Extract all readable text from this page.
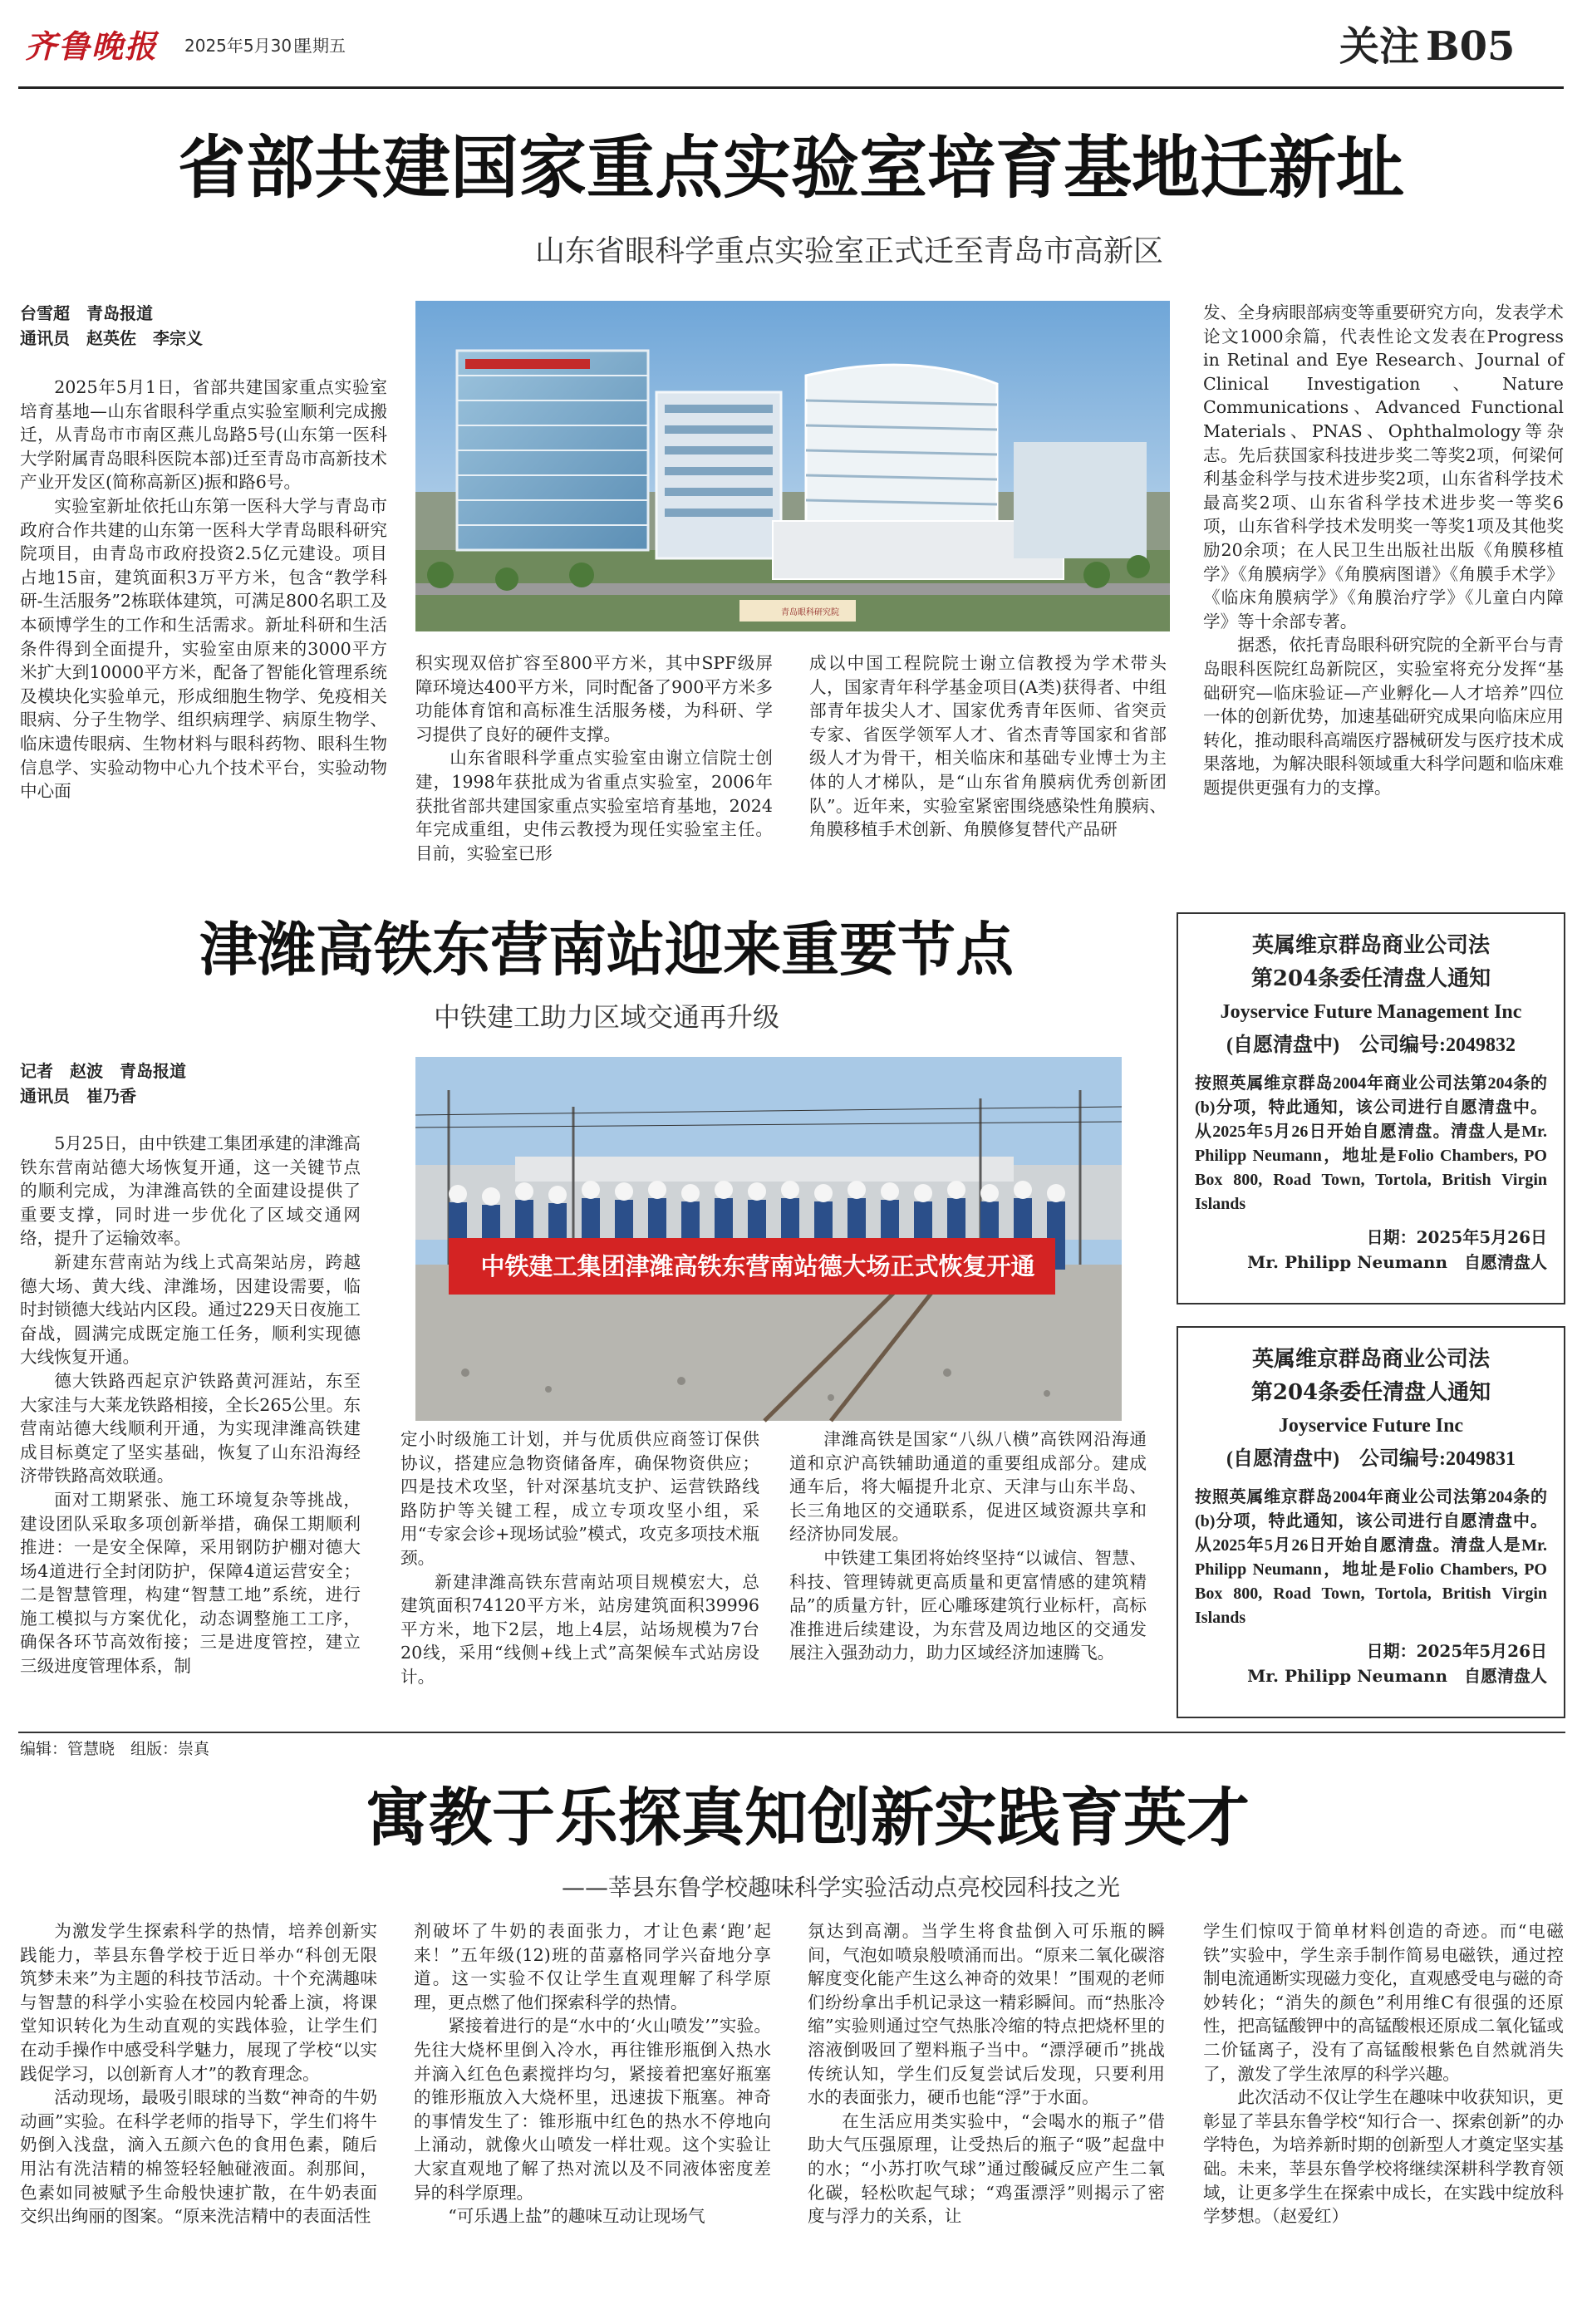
齐鲁晚报	2025年5月30日
星期五	关注 B05
省部共建国家重点实验室培育基地迁新址
山东省眼科学重点实验室正式迁至青岛市高新区
台雪超　青岛报道
通讯员　赵英佐　李宗义

2025年5月1日，省部共建国家重点实验室培育基地—山东省眼科学重点实验室顺利完成搬迁，从青岛市市南区燕儿岛路5号(山东第一医科大学附属青岛眼科医院本部)迁至青岛市高新技术产业开发区(简称高新区)振和路6号。

实验室新址依托山东第一医科大学与青岛市政府合作共建的山东第一医科大学青岛眼科研究院项目，由青岛市政府投资2.5亿元建设。项目占地15亩，建筑面积3万平方米，包含“教学科研-生活服务”2栋联体建筑，可满足800名职工及本硕博学生的工作和生活需求。新址科研和生活条件得到全面提升，实验室由原来的3000平方米扩大到10000平方米，配备了智能化管理系统及模块化实验单元，形成细胞生物学、免疫相关眼病、分子生物学、组织病理学、病原生物学、临床遗传眼病、生物材料与眼科药物、眼科生物信息学、实验动物中心九个技术平台，实验动物中心面

青岛眼科研究院

积实现双倍扩容至800平方米，其中SPF级屏障环境达400平方米，同时配备了900平方米多功能体育馆和高标准生活服务楼，为科研、学习提供了良好的硬件支撑。

山东省眼科学重点实验室由谢立信院士创建，1998年获批成为省重点实验室，2006年获批省部共建国家重点实验室培育基地，2024年完成重组，史伟云教授为现任实验室主任。目前，实验室已形

成以中国工程院院士谢立信教授为学术带头人，国家青年科学基金项目(A类)获得者、中组部青年拔尖人才、国家优秀青年医师、省突贡专家、省医学领军人才、省杰青等国家和省部级人才为骨干，相关临床和基础专业博士为主体的人才梯队，是“山东省角膜病优秀创新团队”。近年来，实验室紧密围绕感染性角膜病、角膜移植手术创新、角膜修复替代产品研

发、全身病眼部病变等重要研究方向，发表学术论文1000余篇，代表性论文发表在Progress in Retinal and Eye Research、Journal of Clinical Investigation、Nature Communications、Advanced Functional Materials、PNAS、Ophthalmology等杂志。先后获国家科技进步奖二等奖2项，何梁何利基金科学与技术进步奖2项，山东省科学技术最高奖2项、山东省科学技术进步奖一等奖6项，山东省科学技术发明奖一等奖1项及其他奖励20余项；在人民卫生出版社出版《角膜移植学》《角膜病学》《角膜病图谱》《角膜手术学》《临床角膜病学》《角膜治疗学》《儿童白内障学》等十余部专著。

据悉，依托青岛眼科研究院的全新平台与青岛眼科医院红岛新院区，实验室将充分发挥“基础研究—临床验证—产业孵化—人才培养”四位一体的创新优势，加速基础研究成果向临床应用转化，推动眼科高端医疗器械研发与医疗技术成果落地，为解决眼科领域重大科学问题和临床难题提供更强有力的支撑。

津潍高铁东营南站迎来重要节点
中铁建工助力区域交通再升级
记者　赵波　青岛报道
通讯员　崔乃香

5月25日，由中铁建工集团承建的津潍高铁东营南站德大场恢复开通，这一关键节点的顺利完成，为津潍高铁的全面建设提供了重要支撑，同时进一步优化了区域交通网络，提升了运输效率。

新建东营南站为线上式高架站房，跨越德大场、黄大线、津潍场，因建设需要，临时封锁德大线站内区段。通过229天日夜施工奋战，圆满完成既定施工任务，顺利实现德大线恢复开通。

德大铁路西起京沪铁路黄河涯站，东至大家洼与大莱龙铁路相接，全长265公里。东营南站德大线顺利开通，为实现津潍高铁建成目标奠定了坚实基础，恢复了山东沿海经济带铁路高效联通。

面对工期紧张、施工环境复杂等挑战，建设团队采取多项创新举措，确保工期顺利推进：一是安全保障，采用钢防护棚对德大场4道进行全封闭防护，保障4道运营安全；二是智慧管理，构建“智慧工地”系统，进行施工模拟与方案优化，动态调整施工工序，确保各环节高效衔接；三是进度管控，建立三级进度管理体系，制

中铁建工集团津潍高铁东营南站德大场正式恢复开通

定小时级施工计划，并与优质供应商签订保供协议，搭建应急物资储备库，确保物资供应；四是技术攻坚，针对深基坑支护、运营铁路线路防护等关键工程，成立专项攻坚小组，采用“专家会诊+现场试验”模式，攻克多项技术瓶颈。

新建津潍高铁东营南站项目规模宏大，总建筑面积74120平方米，站房建筑面积39996平方米，地下2层，地上4层，站场规模为7台20线，采用“线侧+线上式”高架候车式站房设计。

津潍高铁是国家“八纵八横”高铁网沿海通道和京沪高铁辅助通道的重要组成部分。建成通车后，将大幅提升北京、天津与山东半岛、长三角地区的交通联系，促进区域资源共享和经济协同发展。

中铁建工集团将始终坚持“以诚信、智慧、科技、管理铸就更高质量和更富情感的建筑精品”的质量方针，匠心雕琢建筑行业标杆，高标准推进后续建设，为东营及周边地区的交通发展注入强劲动力，助力区域经济加速腾飞。

英属维京群岛商业公司法
第204条委任清盘人通知
Joyservice Future Management Inc
(自愿清盘中)　 公司编号:2049832
按照英属维京群岛2004年商业公司法第204条的(b)分项，特此通知，该公司进行自愿清盘中。从2025年5月26日开始自愿清盘。清盘人是Mr. Philipp Neumann，地址是Folio Chambers, PO Box 800, Road Town, Tortola, British Virgin Islands
日期：2025年5月26日
Mr. Philipp Neumann　自愿清盘人
英属维京群岛商业公司法
第204条委任清盘人通知
Joyservice Future Inc
(自愿清盘中)　 公司编号:2049831
按照英属维京群岛2004年商业公司法第204条的(b)分项，特此通知，该公司进行自愿清盘中。从2025年5月26日开始自愿清盘。清盘人是Mr. Philipp Neumann，地址是Folio Chambers, PO Box 800, Road Town, Tortola, British Virgin Islands
日期：2025年5月26日
Mr. Philipp Neumann　自愿清盘人
编辑：管慧晓　组版：崇真
寓教于乐探真知创新实践育英才
——莘县东鲁学校趣味科学实验活动点亮校园科技之光

为激发学生探索科学的热情，培养创新实践能力，莘县东鲁学校于近日举办“科创无限　筑梦未来”为主题的科技节活动。十个充满趣味与智慧的科学小实验在校园内轮番上演，将课堂知识转化为生动直观的实践体验，让学生们在动手操作中感受科学魅力，展现了学校“以实践促学习，以创新育人才”的教育理念。

活动现场，最吸引眼球的当数“神奇的牛奶动画”实验。在科学老师的指导下，学生们将牛奶倒入浅盘，滴入五颜六色的食用色素，随后用沾有洗洁精的棉签轻轻触碰液面。刹那间，色素如同被赋予生命般快速扩散，在牛奶表面交织出绚丽的图案。“原来洗洁精中的表面活性

剂破坏了牛奶的表面张力，才让色素‘跑’起来！”五年级(12)班的苗嘉格同学兴奋地分享道。这一实验不仅让学生直观理解了科学原理，更点燃了他们探索科学的热情。

紧接着进行的是“水中的‘火山喷发’”实验。先往大烧杯里倒入冷水，再往锥形瓶倒入热水并滴入红色色素搅拌均匀，紧接着把塞好瓶塞的锥形瓶放入大烧杯里，迅速拔下瓶塞。神奇的事情发生了：锥形瓶中红色的热水不停地向上涌动，就像火山喷发一样壮观。这个实验让大家直观地了解了热对流以及不同液体密度差异的科学原理。

“可乐遇上盐”的趣味互动让现场气

氛达到高潮。当学生将食盐倒入可乐瓶的瞬间，气泡如喷泉般喷涌而出。“原来二氧化碳溶解度变化能产生这么神奇的效果！”围观的老师们纷纷拿出手机记录这一精彩瞬间。而“热胀冷缩”实验则通过空气热胀冷缩的特点把烧杯里的溶液倒吸回了塑料瓶子当中。“漂浮硬币”挑战传统认知，学生们反复尝试后发现，只要利用水的表面张力，硬币也能“浮”于水面。

在生活应用类实验中，“会喝水的瓶子”借助大气压强原理，让受热后的瓶子“吸”起盘中的水；“小苏打吹气球”通过酸碱反应产生二氧化碳，轻松吹起气球；“鸡蛋漂浮”则揭示了密度与浮力的关系，让

学生们惊叹于简单材料创造的奇迹。而“电磁铁”实验中，学生亲手制作简易电磁铁，通过控制电流通断实现磁力变化，直观感受电与磁的奇妙转化；“消失的颜色”利用维C有很强的还原性，把高锰酸钾中的高锰酸根还原成二氧化锰或二价锰离子，没有了高锰酸根紫色自然就消失了，激发了学生浓厚的科学兴趣。

此次活动不仅让学生在趣味中收获知识，更彰显了莘县东鲁学校“知行合一、探索创新”的办学特色，为培养新时期的创新型人才奠定坚实基础。未来，莘县东鲁学校将继续深耕科学教育领域，让更多学生在探索中成长，在实践中绽放科学梦想。（赵爱红）
